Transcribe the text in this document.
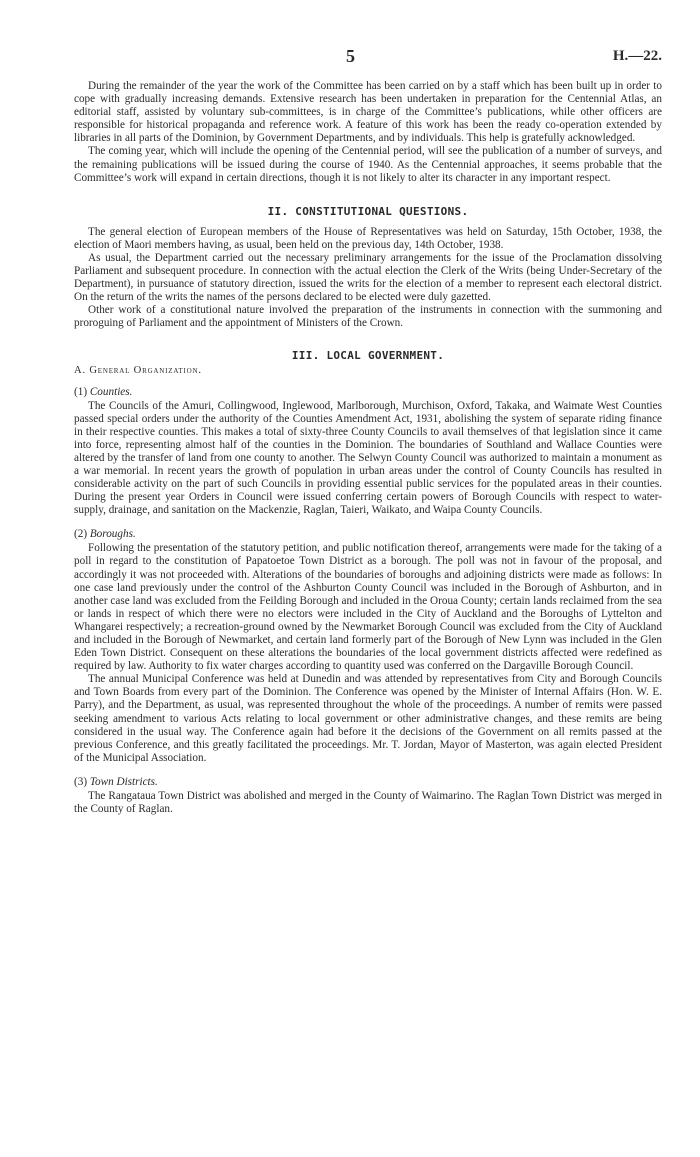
5	H.—22.

During the remainder of the year the work of the Committee has been carried on by a staff which has been built up in order to cope with gradually increasing demands. Extensive research has been undertaken in preparation for the Centennial Atlas, an editorial staff, assisted by voluntary sub-committees, is in charge of the Committee’s publications, while other officers are responsible for historical propaganda and reference work. A feature of this work has been the ready co-operation extended by libraries in all parts of the Dominion, by Government Departments, and by individuals. This help is gratefully acknowledged.

The coming year, which will include the opening of the Centennial period, will see the publication of a number of surveys, and the remaining publications will be issued during the course of 1940. As the Centennial approaches, it seems probable that the Committee’s work will expand in certain directions, though it is not likely to alter its character in any important respect.

II. CONSTITUTIONAL QUESTIONS.

The general election of European members of the House of Representatives was held on Saturday, 15th October, 1938, the election of Maori members having, as usual, been held on the previous day, 14th October, 1938.

As usual, the Department carried out the necessary preliminary arrangements for the issue of the Proclamation dissolving Parliament and subsequent procedure. In connection with the actual election the Clerk of the Writs (being Under-Secretary of the Department), in pursuance of statutory direction, issued the writs for the election of a member to represent each electoral district. On the return of the writs the names of the persons declared to be elected were duly gazetted.

Other work of a constitutional nature involved the preparation of the instruments in connection with the summoning and proroguing of Parliament and the appointment of Ministers of the Crown.

III. LOCAL GOVERNMENT.
A. General Organization.
(1) Counties.

The Councils of the Amuri, Collingwood, Inglewood, Marlborough, Murchison, Oxford, Takaka, and Waimate West Counties passed special orders under the authority of the Counties Amendment Act, 1931, abolishing the system of separate riding finance in their respective counties. This makes a total of sixty-three County Councils to avail themselves of that legislation since it came into force, representing almost half of the counties in the Dominion. The boundaries of Southland and Wallace Counties were altered by the transfer of land from one county to another. The Selwyn County Council was authorized to maintain a monument as a war memorial. In recent years the growth of population in urban areas under the control of County Councils has resulted in considerable activity on the part of such Councils in providing essential public services for the populated areas in their counties. During the present year Orders in Council were issued conferring certain powers of Borough Councils with respect to water-supply, drainage, and sanitation on the Mackenzie, Raglan, Taieri, Waikato, and Waipa County Councils.

(2) Boroughs.

Following the presentation of the statutory petition, and public notification thereof, arrangements were made for the taking of a poll in regard to the constitution of Papatoetoe Town District as a borough. The poll was not in favour of the proposal, and accordingly it was not proceeded with. Alterations of the boundaries of boroughs and adjoining districts were made as follows: In one case land previously under the control of the Ashburton County Council was included in the Borough of Ashburton, and in another case land was excluded from the Feilding Borough and included in the Oroua County; certain lands reclaimed from the sea or lands in respect of which there were no electors were included in the City of Auckland and the Boroughs of Lyttelton and Whangarei respectively; a recreation-ground owned by the Newmarket Borough Council was excluded from the City of Auckland and included in the Borough of Newmarket, and certain land formerly part of the Borough of New Lynn was included in the Glen Eden Town District. Consequent on these alterations the boundaries of the local government districts affected were redefined as required by law. Authority to fix water charges according to quantity used was conferred on the Dargaville Borough Council.

The annual Municipal Conference was held at Dunedin and was attended by representatives from City and Borough Councils and Town Boards from every part of the Dominion. The Conference was opened by the Minister of Internal Affairs (Hon. W. E. Parry), and the Department, as usual, was represented throughout the whole of the proceedings. A number of remits were passed seeking amendment to various Acts relating to local government or other administrative changes, and these remits are being considered in the usual way. The Conference again had before it the decisions of the Government on all remits passed at the previous Conference, and this greatly facilitated the proceedings. Mr. T. Jordan, Mayor of Masterton, was again elected President of the Municipal Association.

(3) Town Districts.

The Rangataua Town District was abolished and merged in the County of Waimarino. The Raglan Town District was merged in the County of Raglan.
